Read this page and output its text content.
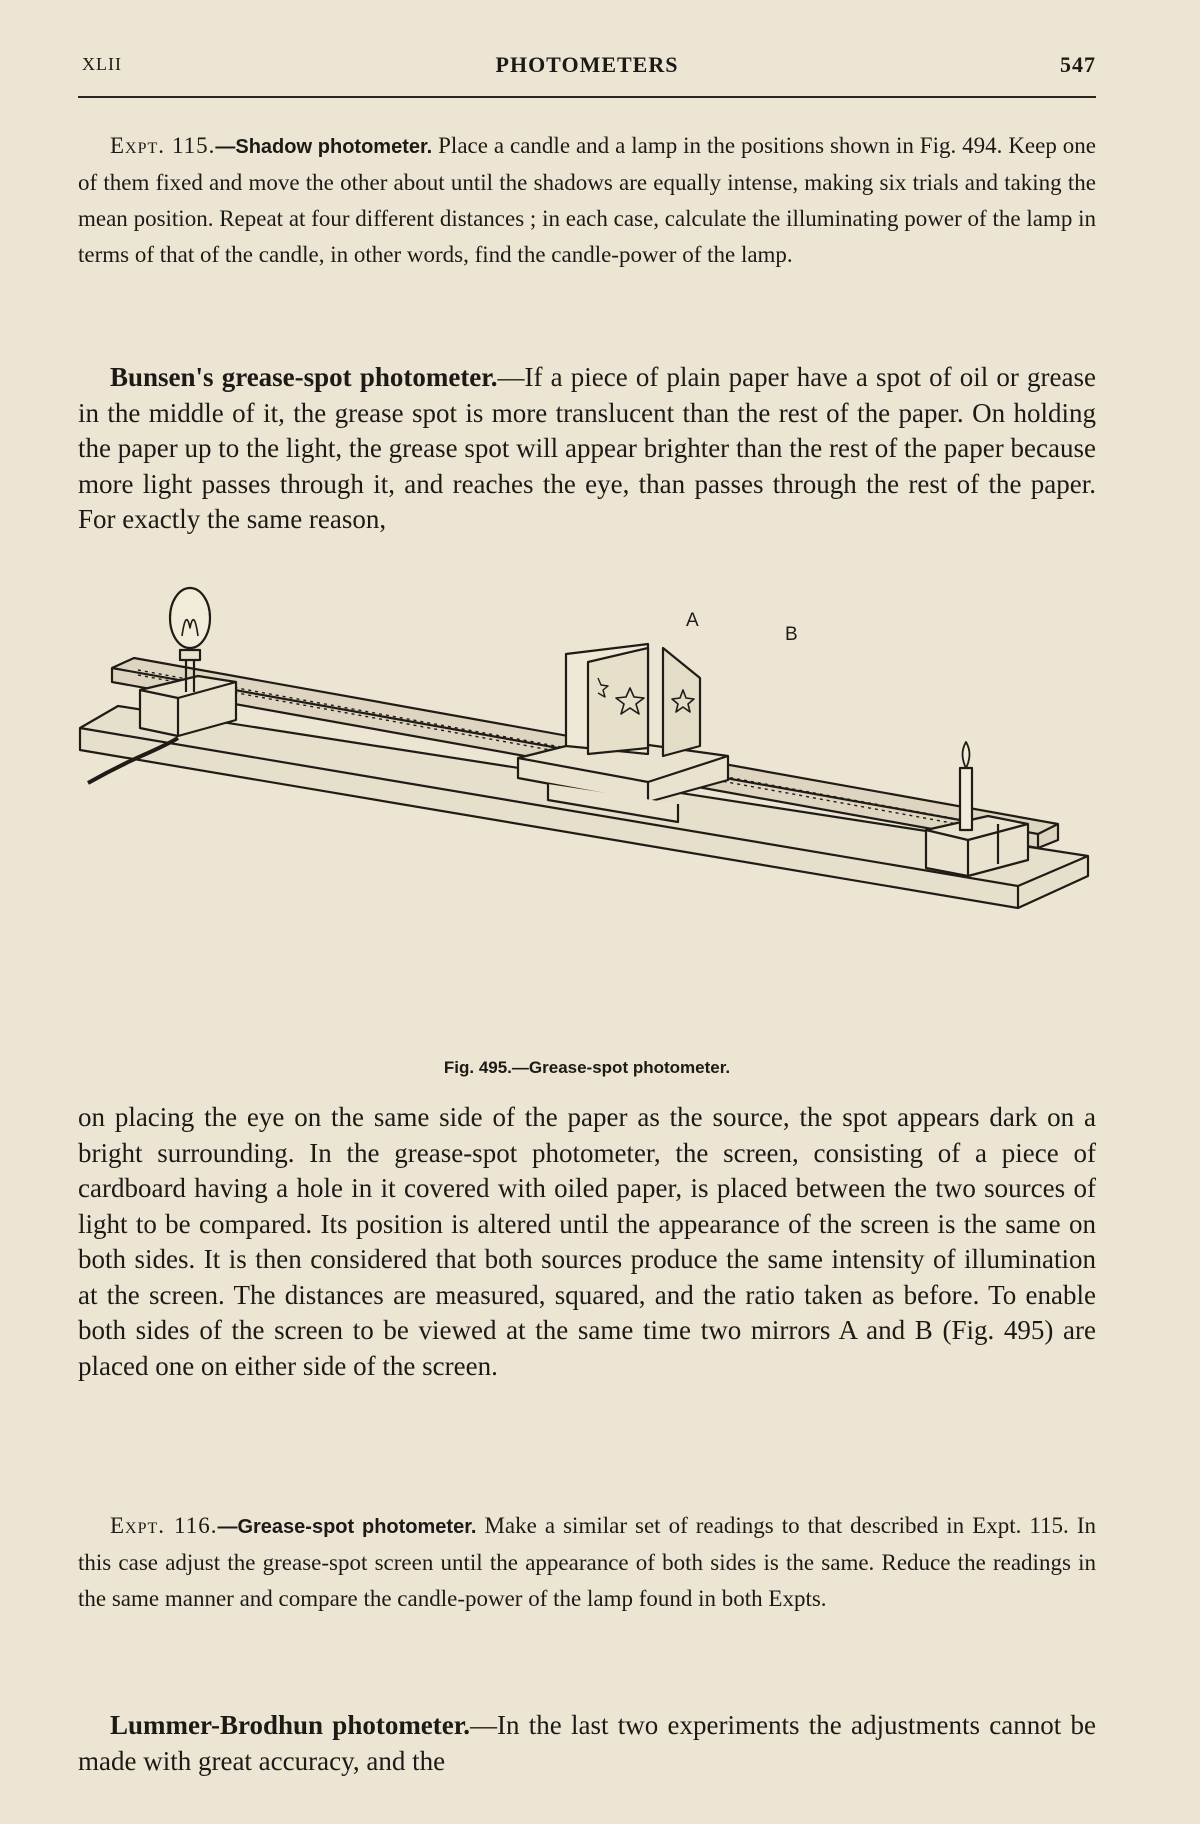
XLII	PHOTOMETERS	547

Expt. 115.—Shadow photometer. Place a candle and a lamp in the positions shown in Fig. 494. Keep one of them fixed and move the other about until the shadows are equally intense, making six trials and taking the mean position. Repeat at four different distances ; in each case, calculate the illuminating power of the lamp in terms of that of the candle, in other words, find the candle-power of the lamp.

Bunsen's grease-spot photometer.—If a piece of plain paper have a spot of oil or grease in the middle of it, the grease spot is more translucent than the rest of the paper. On holding the paper up to the light, the grease spot will appear brighter than the rest of the paper because more light passes through it, and reaches the eye, than passes through the rest of the paper. For exactly the same reason,

A
B
Fig. 495.—Grease-spot photometer.

on placing the eye on the same side of the paper as the source, the spot appears dark on a bright surrounding. In the grease-spot photometer, the screen, consisting of a piece of cardboard having a hole in it covered with oiled paper, is placed between the two sources of light to be compared. Its position is altered until the appearance of the screen is the same on both sides. It is then considered that both sources produce the same intensity of illumination at the screen. The distances are measured, squared, and the ratio taken as before. To enable both sides of the screen to be viewed at the same time two mirrors A and B (Fig. 495) are placed one on either side of the screen.

Expt. 116.—Grease-spot photometer. Make a similar set of readings to that described in Expt. 115. In this case adjust the grease-spot screen until the appearance of both sides is the same. Reduce the readings in the same manner and compare the candle-power of the lamp found in both Expts.

Lummer-Brodhun photometer.—In the last two experiments the adjustments cannot be made with great accuracy, and the
